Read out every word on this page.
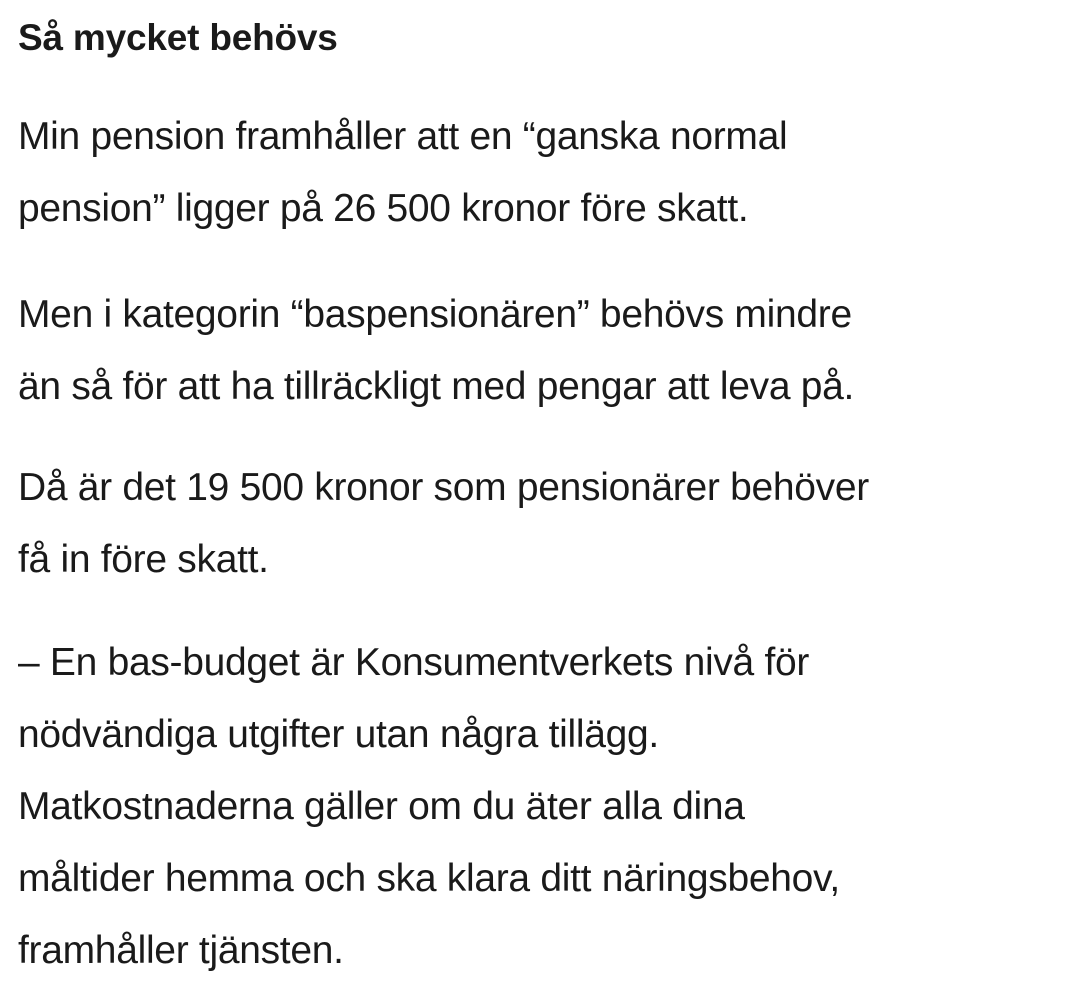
Så mycket behövs

Min pension framhåller att en “ganska normal
pension” ligger på 26 500 kronor före skatt.

Men i kategorin “baspensionären” behövs mindre
än så för att ha tillräckligt med pengar att leva på.

Då är det 19 500 kronor som pensionärer behöver
få in före skatt.

– En bas-budget är Konsumentverkets nivå för
nödvändiga utgifter utan några tillägg.
Matkostnaderna gäller om du äter alla dina
måltider hemma och ska klara ditt näringsbehov,
framhåller tjänsten.
